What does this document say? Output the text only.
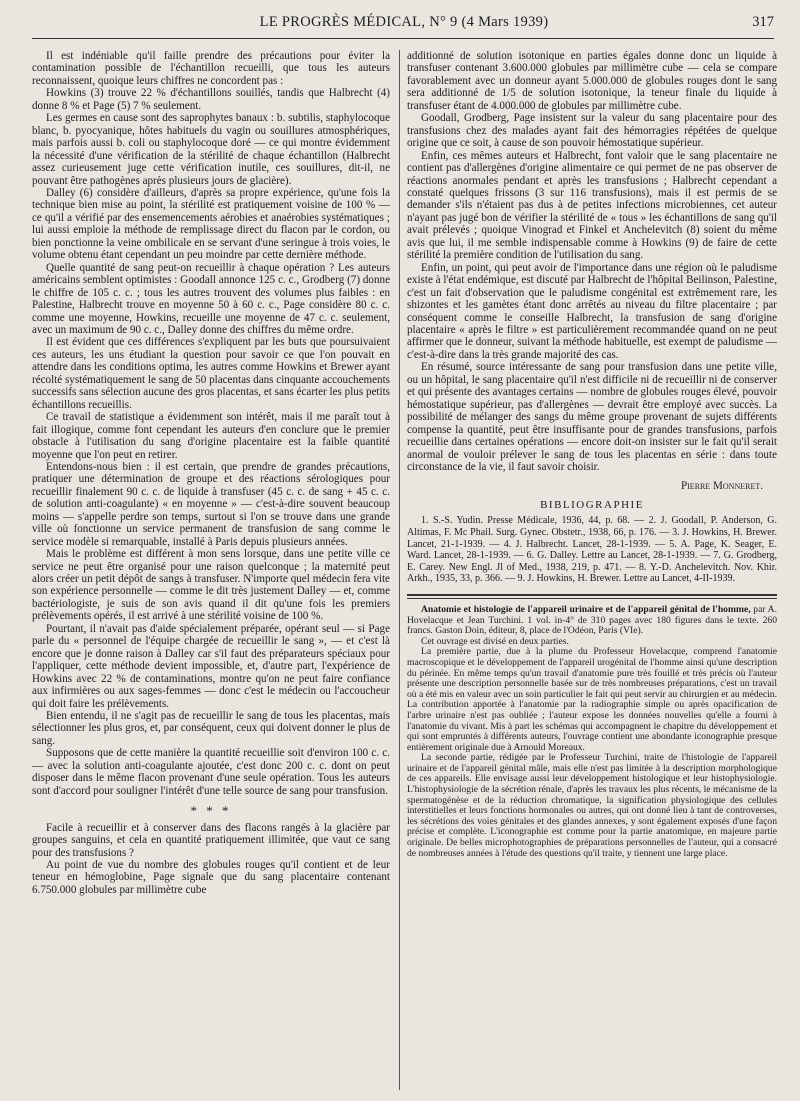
LE PROGRÈS MÉDICAL, N° 9 (4 Mars 1939)	317

Il est indéniable qu'il faille prendre des précautions pour éviter la contamination possible de l'échantillon recueilli, que tous les auteurs reconnaissent, quoique leurs chiffres ne concordent pas :

Howkins (3) trouve 22 % d'échantillons souillés, tandis que Halbrecht (4) donne 8 % et Page (5) 7 % seulement.

Les germes en cause sont des saprophytes banaux : b. subtilis, staphylocoque blanc, b. pyocyanique, hôtes habituels du vagin ou souillures atmosphériques, mais parfois aussi b. coli ou staphylocoque doré — ce qui montre évidemment la nécessité d'une vérification de la stérilité de chaque échantillon (Halbrecht assez curieusement juge cette vérification inutile, ces souillures, dit-il, ne pouvant être pathogènes après plusieurs jours de glacière).

Dalley (6) considère d'ailleurs, d'après sa propre expérience, qu'une fois la technique bien mise au point, la stérilité est pratiquement voisine de 100 % — ce qu'il a vérifié par des ensemencements aérobies et anaérobies systématiques ; lui aussi emploie la méthode de remplissage direct du flacon par le cordon, ou bien ponctionne la veine ombilicale en se servant d'une seringue à trois voies, le volume obtenu étant cependant un peu moindre par cette dernière méthode.

Quelle quantité de sang peut-on recueillir à chaque opération ? Les auteurs américains semblent optimistes : Goodall annonce 125 c. c., Grodberg (7) donne le chiffre de 105 c. c. ; tous les autres trouvent des volumes plus faibles : en Palestine, Halbrecht trouve en moyenne 50 à 60 c. c., Page considère 80 c. c. comme une moyenne, Howkins, recueille une moyenne de 47 c. c. seulement, avec un maximum de 90 c. c., Dalley donne des chiffres du même ordre.

Il est évident que ces différences s'expliquent par les buts que poursuivaient ces auteurs, les uns étudiant la question pour savoir ce que l'on pouvait en attendre dans les conditions optima, les autres comme Howkins et Brewer ayant récolté systématiquement le sang de 50 placentas dans cinquante accouchements successifs sans sélection aucune des gros placentas, et sans écarter les plus petits échantillons recueillis.

Ce travail de statistique a évidemment son intérêt, mais il me paraît tout à fait illogique, comme font cependant les auteurs d'en conclure que le premier obstacle à l'utilisation du sang d'origine placentaire est la faible quantité moyenne que l'on peut en retirer.

Entendons-nous bien : il est certain, que prendre de grandes précautions, pratiquer une détermination de groupe et des réactions sérologiques pour recueillir finalement 90 c. c. de liquide à transfuser (45 c. c. de sang + 45 c. c. de solution anti-coagulante) « en moyenne » — c'est-à-dire souvent beaucoup moins — s'appelle perdre son temps, surtout si l'on se trouve dans une grande ville où fonctionne un service permanent de transfusion de sang comme le service modèle si remarquable, installé à Paris depuis plusieurs années.

Mais le problème est différent à mon sens lorsque, dans une petite ville ce service ne peut être organisé pour une raison quelconque ; la maternité peut alors créer un petit dépôt de sangs à transfuser. N'importe quel médecin fera vite son expérience personnelle — comme le dit très justement Dalley — et, comme bactériologiste, je suis de son avis quand il dit qu'une fois les premiers prélèvements opérés, il est arrivé à une stérilité voisine de 100 %.

Pourtant, il n'avait pas d'aide spécialement préparée, opérant seul — si Page parle du « personnel de l'équipe chargée de recueillir le sang », — et c'est là encore que je donne raison à Dalley car s'il faut des préparateurs spéciaux pour l'appliquer, cette méthode devient impossible, et, d'autre part, l'expérience de Howkins avec 22 % de contaminations, montre qu'on ne peut faire confiance aux infirmières ou aux sages-femmes — donc c'est le médecin ou l'accoucheur qui doit faire les prélèvements.

Bien entendu, il ne s'agit pas de recueillir le sang de tous les placentas, mais sélectionner les plus gros, et, par conséquent, ceux qui doivent donner le plus de sang.

Supposons que de cette manière la quantité recueillie soit d'environ 100 c. c. — avec la solution anti-coagulante ajoutée, c'est donc 200 c. c. dont on peut disposer dans le même flacon provenant d'une seule opération. Tous les auteurs sont d'accord pour souligner l'intérêt d'une telle source de sang pour transfusion.

* * *

Facile à recueillir et à conserver dans des flacons rangés à la glacière par groupes sanguins, et cela en quantité pratiquement illimitée, que vaut ce sang pour des transfusions ?

Au point de vue du nombre des globules rouges qu'il contient et de leur teneur en hémoglobine, Page signale que du sang placentaire contenant 6.750.000 globules par millimètre cube

additionné de solution isotonique en parties égales donne donc un liquide à transfuser contenant 3.600.000 globules par millimètre cube — cela se compare favorablement avec un donneur ayant 5.000.000 de globules rouges dont le sang sera additionné de 1/5 de solution isotonique, la teneur finale du liquide à transfuser étant de 4.000.000 de globules par millimètre cube.

Goodall, Grodberg, Page insistent sur la valeur du sang placentaire pour des transfusions chez des malades ayant fait des hémorragies répétées de quelque origine que ce soit, à cause de son pouvoir hémostatique supérieur.

Enfin, ces mêmes auteurs et Halbrecht, font valoir que le sang placentaire ne contient pas d'allergènes d'origine alimentaire ce qui permet de ne pas observer de réactions anormales pendant et après les transfusions ; Halbrecht cependant a constaté quelques frissons (3 sur 116 transfusions), mais il est permis de se demander s'ils n'étaient pas dus à de petites infections microbiennes, cet auteur n'ayant pas jugé bon de vérifier la stérilité de « tous » les échantillons de sang qu'il avait prélevés ; quoique Vinograd et Finkel et Anchelevitch (8) soient du même avis que lui, il me semble indispensable comme à Howkins (9) de faire de cette stérilité la première condition de l'utilisation du sang.

Enfin, un point, qui peut avoir de l'importance dans une région où le paludisme existe à l'état endémique, est discuté par Halbrecht de l'hôpital Beilinson, Palestine, c'est un fait d'observation que le paludisme congénital est extrêmement rare, les shizontes et les gamètes étant donc arrêtés au niveau du filtre placentaire ; par conséquent comme le conseille Halbrecht, la transfusion de sang d'origine placentaire « après le filtre » est particulièrement recommandée quand on ne peut affirmer que le donneur, suivant la méthode habituelle, est exempt de paludisme — c'est-à-dire dans la très grande majorité des cas.

En résumé, source intéressante de sang pour transfusion dans une petite ville, ou un hôpital, le sang placentaire qu'il n'est difficile ni de recueillir ni de conserver et qui présente des avantages certains — nombre de globules rouges élevé, pouvoir hémostatique supérieur, pas d'allergènes — devrait être employé avec succès. La possibilité de mélanger des sangs du même groupe provenant de sujets différents compense la quantité, peut être insuffisante pour de grandes transfusions, parfois recueillie dans certaines opérations — encore doit-on insister sur le fait qu'il serait anormal de vouloir prélever le sang de tous les placentas en série : dans toute circonstance de la vie, il faut savoir choisir.

Pierre Monneret.

BIBLIOGRAPHIE

1. S.-S. Yudin. Presse Médicale, 1936, 44, p. 68. — 2. J. Goodall, P. Anderson, G. Altimas, F. Mc Phail. Surg. Gynec. Obstetr., 1938, 66, p. 176. — 3. J. Howkins, H. Brewer. Lancet, 21-1-1939. — 4. J. Halbrecht. Lancet, 28-1-1939. — 5. A. Page, K. Seager, E. Ward. Lancet, 28-1-1939. — 6. G. Dalley. Lettre au Lancet, 28-1-1939. — 7. G. Grodberg, E. Carey. New Engl. Jl of Med., 1938, 219, p. 471. — 8. Y.-D. Anchelevitch. Nov. Khir. Arkh., 1935, 33, p. 366. — 9. J. Howkins, H. Brewer. Lettre au Lancet, 4-II-1939.

Anatomie et histologie de l'appareil urinaire et de l'appareil génital de l'homme, par A. Hovelacque et Jean Turchini. 1 vol. in-4° de 310 pages avec 180 figures dans le texte. 260 francs. Gaston Doin, éditeur, 8, place de l'Odéon, Paris (VIe).

Cet ouvrage est divisé en deux parties.

La première partie, due à la plume du Professeur Hovelacque, comprend l'anatomie macroscopique et le développement de l'appareil urogénital de l'homme ainsi qu'une description du périnée. En même temps qu'un travail d'anatomie pure très fouillé et très précis où l'auteur présente une description personnelle basée sur de très nombreuses préparations, c'est un travail où a été mis en valeur avec un soin particulier le fait qui peut servir au chirurgien et au médecin. La contribution apportée à l'anatomie par la radiographie simple ou après opacification de l'arbre urinaire n'est pas oubliée ; l'auteur expose les données nouvelles qu'elle a fourni à l'anatomie du vivant. Mis à part les schémas qui accompagnent le chapitre du développement et qui sont empruntés à différents auteurs, l'ouvrage contient une abondante iconographie presque entièrement originale due à Arnould Moreaux.

La seconde partie, rédigée par le Professeur Turchini, traite de l'histologie de l'appareil urinaire et de l'appareil génital mâle, mais elle n'est pas limitée à la description morphologique de ces appareils. Elle envisage aussi leur développement histologique et leur histophysiologie. L'histophysiologie de la sécrétion rénale, d'après les travaux les plus récents, le mécanisme de la spermatogénèse et de la réduction chromatique, la signification physiologique des cellules interstitielles et leurs fonctions hormonales ou autres, qui ont donné lieu à tant de controverses, les sécrétions des voies génitales et des glandes annexes, y sont également exposés d'une façon précise et complète. L'iconographie est comme pour la partie anatomique, en majeure partie originale. De belles microphotographies de préparations personnelles de l'auteur, qui a consacré de nombreuses années à l'étude des questions qu'il traite, y tiennent une large place.
